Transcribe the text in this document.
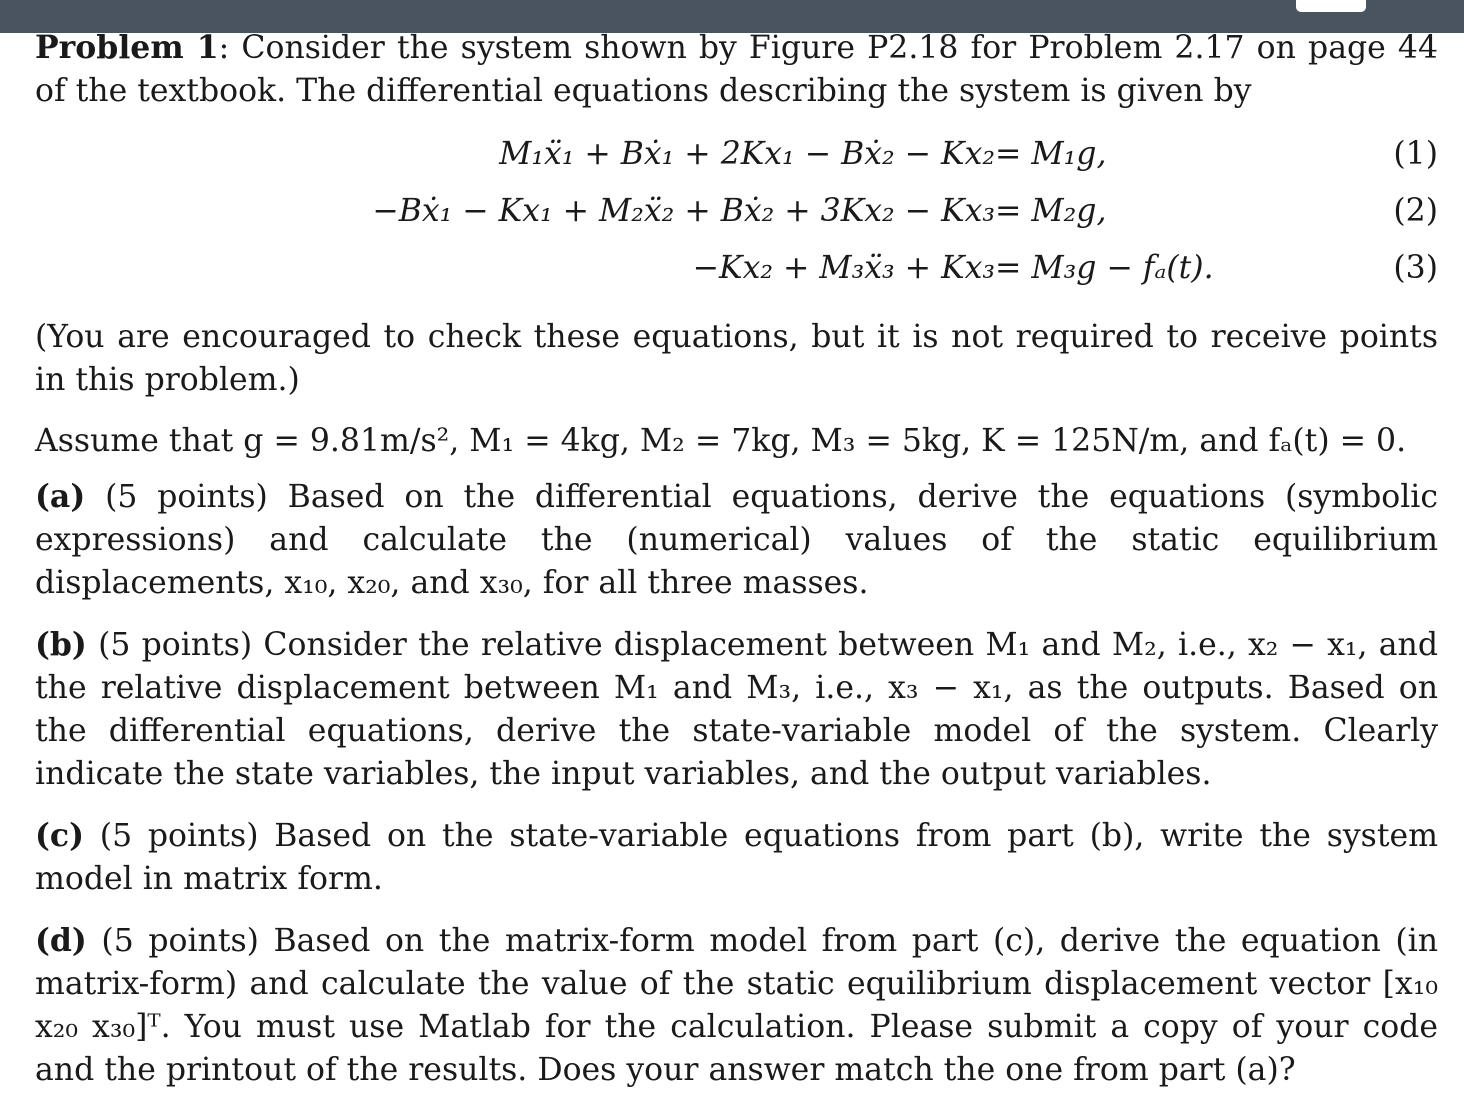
Problem 1: Consider the system shown by Figure P2.18 for Problem 2.17 on page 44 of the textbook. The differential equations describing the system is given by

M₁ẍ₁ + Bẋ₁ + 2Kx₁ − Bẋ₂ − Kx₂ = M₁g,	(1)
−Bẋ₁ − Kx₁ + M₂ẍ₂ + Bẋ₂ + 3Kx₂ − Kx₃ = M₂g,	(2)
−Kx₂ + M₃ẍ₃ + Kx₃ = M₃g − fₐ(t).	(3)

(You are encouraged to check these equations, but it is not required to receive points in this problem.)

Assume that g = 9.81m/s², M₁ = 4kg, M₂ = 7kg, M₃ = 5kg, K = 125N/m, and fₐ(t) = 0.

(a) (5 points) Based on the differential equations, derive the equations (symbolic expressions) and calculate the (numerical) values of the static equilibrium displacements, x₁₀, x₂₀, and x₃₀, for all three masses.

(b) (5 points) Consider the relative displacement between M₁ and M₂, i.e., x₂ − x₁, and the relative displacement between M₁ and M₃, i.e., x₃ − x₁, as the outputs. Based on the differential equations, derive the state-variable model of the system. Clearly indicate the state variables, the input variables, and the output variables.

(c) (5 points) Based on the state-variable equations from part (b), write the system model in matrix form.

(d) (5 points) Based on the matrix-form model from part (c), derive the equation (in matrix-form) and calculate the value of the static equilibrium displacement vector [x₁₀ x₂₀ x₃₀]ᵀ. You must use Matlab for the calculation. Please submit a copy of your code and the printout of the results. Does your answer match the one from part (a)?
